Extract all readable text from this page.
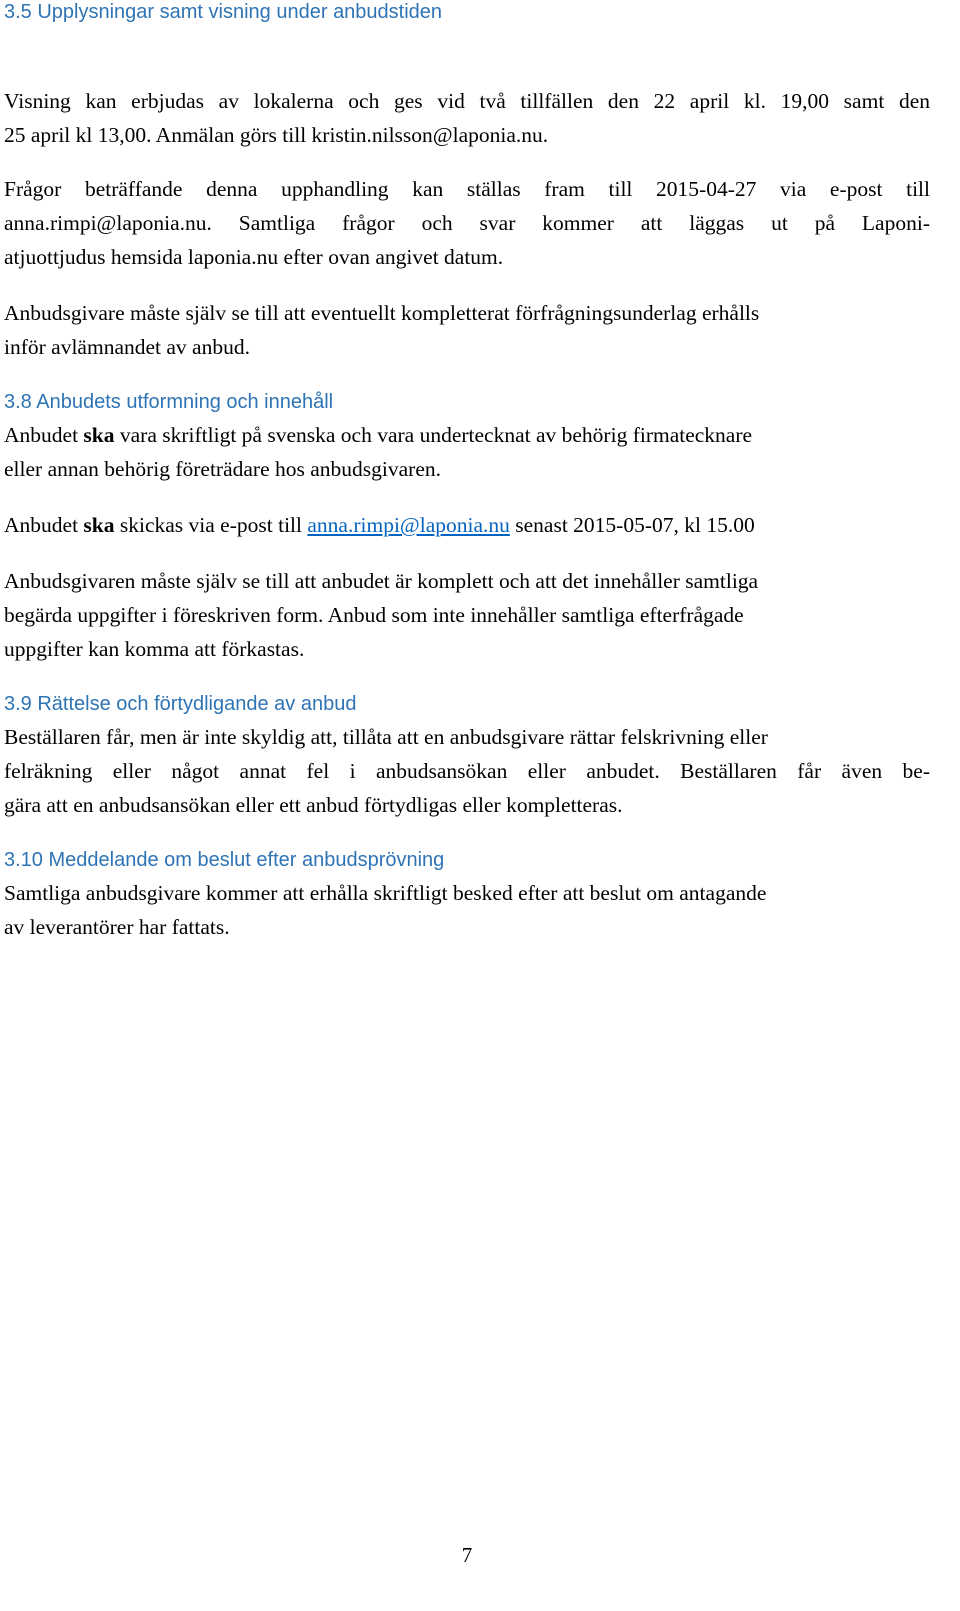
3.5 Upplysningar samt visning under anbudstiden
Visning kan erbjudas av lokalerna och ges vid två tillfällen den 22 april kl. 19,00 samt den
25 april kl 13,00. Anmälan görs till kristin.nilsson@laponia.nu.
Frågor beträffande denna upphandling kan ställas fram till 2015-04-27 via e-post till
anna.rimpi@laponia.nu. Samtliga frågor och svar kommer att läggas ut på Laponi-
atjuottjudus hemsida laponia.nu efter ovan angivet datum.
Anbudsgivare måste själv se till att eventuellt kompletterat förfrågningsunderlag erhålls
inför avlämnandet av anbud.
3.8 Anbudets utformning och innehåll
Anbudet ska vara skriftligt på svenska och vara undertecknat av behörig firmatecknare
eller annan behörig företrädare hos anbudsgivaren.
Anbudet ska skickas via e-post till anna.rimpi@laponia.nu senast 2015-05-07, kl 15.00
Anbudsgivaren måste själv se till att anbudet är komplett och att det innehåller samtliga
begärda uppgifter i föreskriven form. Anbud som inte innehåller samtliga efterfrågade
uppgifter kan komma att förkastas.
3.9 Rättelse och förtydligande av anbud
Beställaren får, men är inte skyldig att, tillåta att en anbudsgivare rättar felskrivning eller
felräkning eller något annat fel i anbudsansökan eller anbudet. Beställaren får även be-
gära att en anbudsansökan eller ett anbud förtydligas eller kompletteras.
3.10 Meddelande om beslut efter anbudsprövning
Samtliga anbudsgivare kommer att erhålla skriftligt besked efter att beslut om antagande
av leverantörer har fattats.
7
